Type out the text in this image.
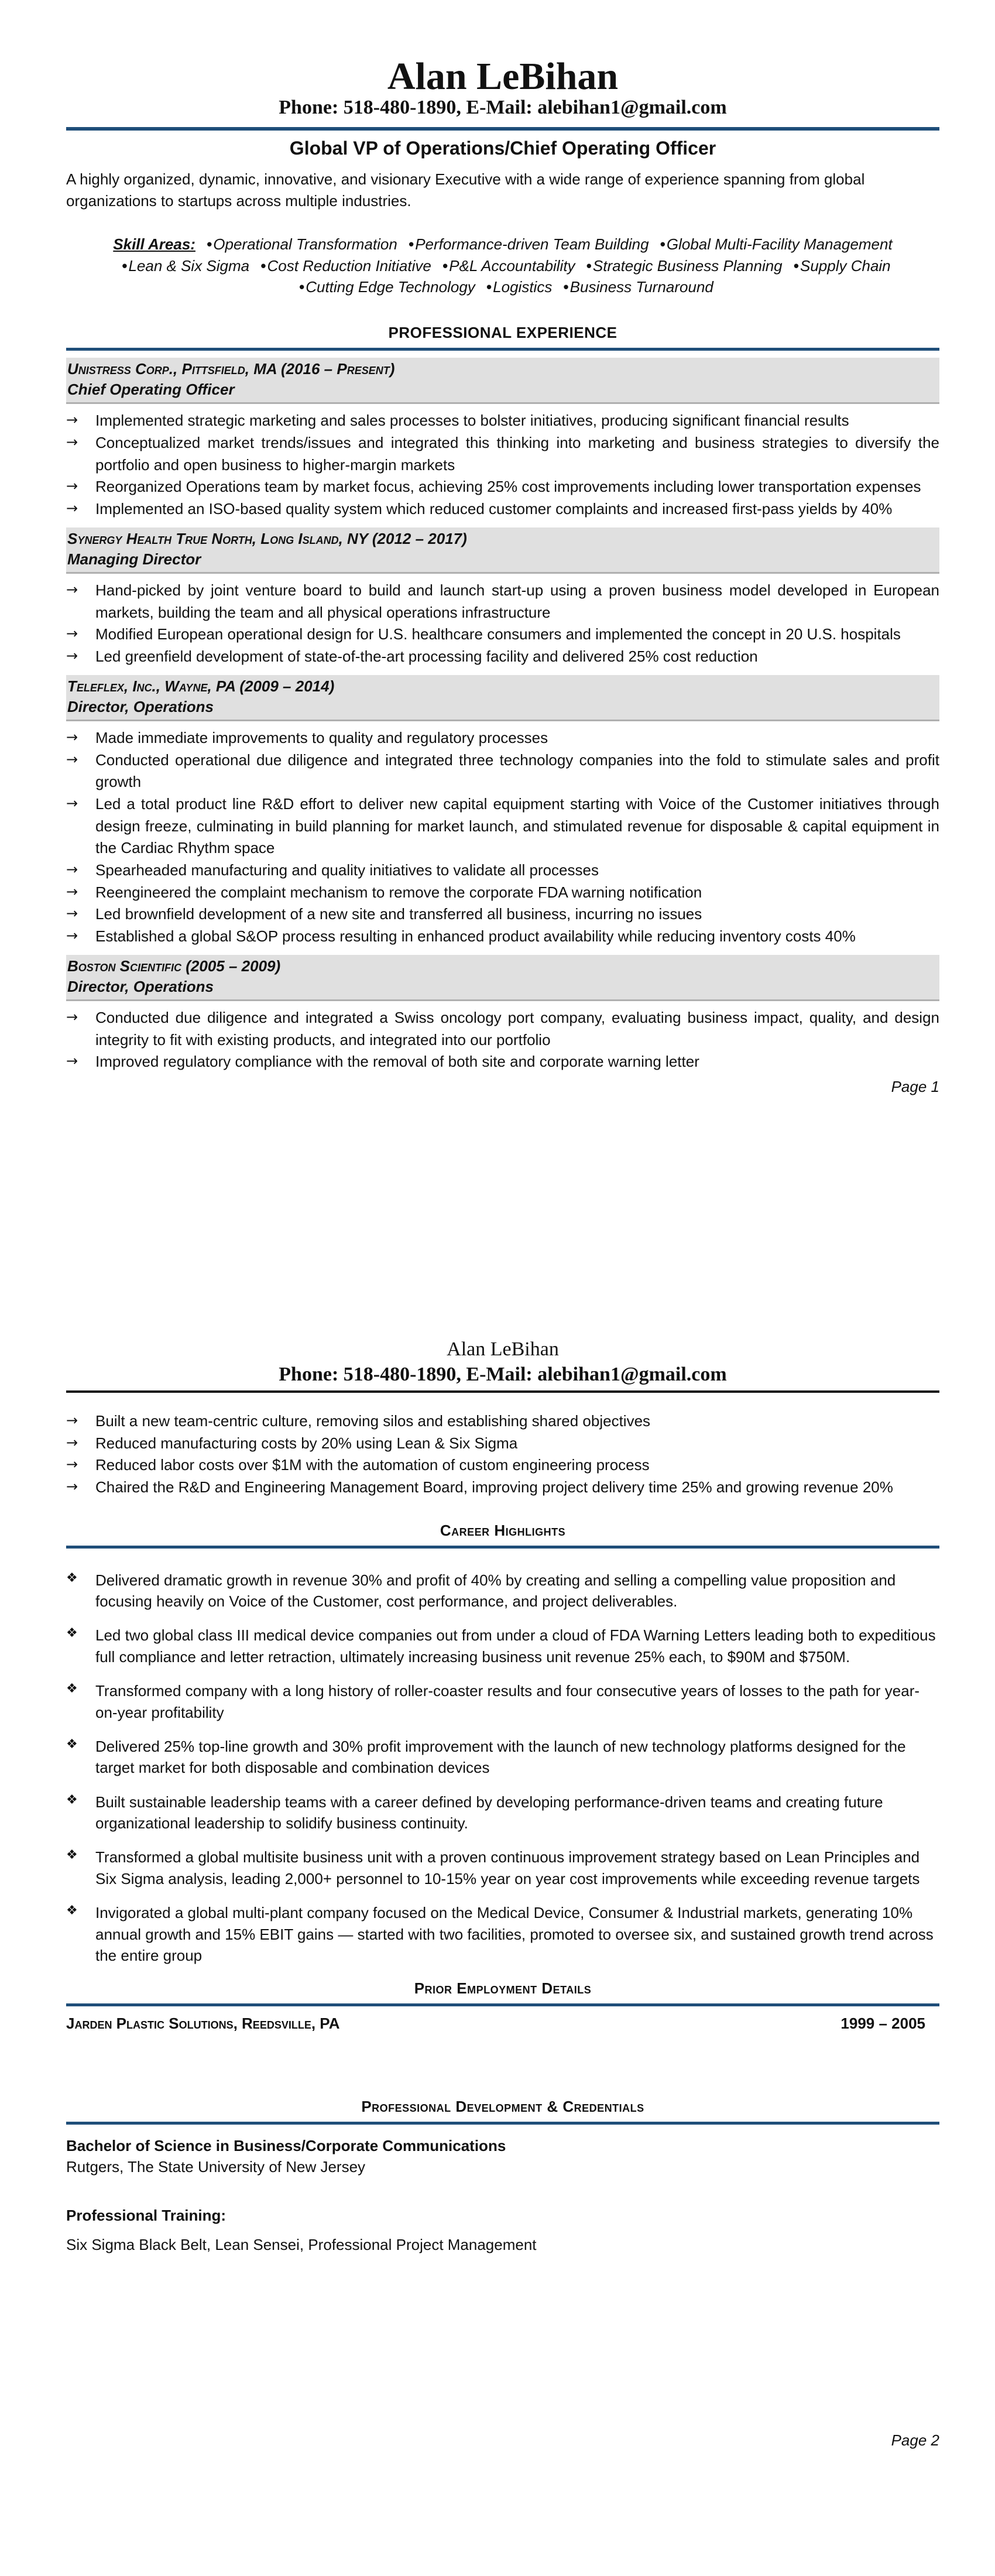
Alan LeBihan

Phone: 518-480-1890, E-Mail: alebihan1@gmail.com

Global VP of Operations/Chief Operating Officer

A highly organized, dynamic, innovative, and visionary Executive with a wide range of experience spanning from global organizations to startups across multiple industries.

Skill Areas: • Operational Transformation • Performance-driven Team Building • Global Multi-Facility Management
• Lean & Six Sigma • Cost Reduction Initiative • P&L Accountability • Strategic Business Planning • Supply Chain
• Cutting Edge Technology • Logistics • Business Turnaround

PROFESSIONAL EXPERIENCE

Unistress Corp., Pittsfield, MA (2016 – Present)
Chief Operating Officer
→ Implemented strategic marketing and sales processes to bolster initiatives, producing significant financial results
→ Conceptualized market trends/issues and integrated this thinking into marketing and business strategies to diversify the portfolio and open business to higher-margin markets
→ Reorganized Operations team by market focus, achieving 25% cost improvements including lower transportation expenses
→ Implemented an ISO-based quality system which reduced customer complaints and increased first-pass yields by 40%
Synergy Health True North, Long Island, NY (2012 – 2017)
Managing Director
→ Hand-picked by joint venture board to build and launch start-up using a proven business model developed in European markets, building the team and all physical operations infrastructure
→ Modified European operational design for U.S. healthcare consumers and implemented the concept in 20 U.S. hospitals
→ Led greenfield development of state-of-the-art processing facility and delivered 25% cost reduction
Teleflex, Inc., Wayne, PA (2009 – 2014)
Director, Operations
→ Made immediate improvements to quality and regulatory processes
→ Conducted operational due diligence and integrated three technology companies into the fold to stimulate sales and profit growth
→ Led a total product line R&D effort to deliver new capital equipment starting with Voice of the Customer initiatives through design freeze, culminating in build planning for market launch, and stimulated revenue for disposable & capital equipment in the Cardiac Rhythm space
→ Spearheaded manufacturing and quality initiatives to validate all processes
→ Reengineered the complaint mechanism to remove the corporate FDA warning notification
→ Led brownfield development of a new site and transferred all business, incurring no issues
→ Established a global S&OP process resulting in enhanced product availability while reducing inventory costs 40%
Boston Scientific (2005 – 2009)
Director, Operations
→ Conducted due diligence and integrated a Swiss oncology port company, evaluating business impact, quality, and design integrity to fit with existing products, and integrated into our portfolio
→ Improved regulatory compliance with the removal of both site and corporate warning letter
Page 1

Alan LeBihan

Phone: 518-480-1890, E-Mail: alebihan1@gmail.com

→ Built a new team-centric culture, removing silos and establishing shared objectives
→ Reduced manufacturing costs by 20% using Lean & Six Sigma
→ Reduced labor costs over $1M with the automation of custom engineering process
→ Chaired the R&D and Engineering Management Board, improving project delivery time 25% and growing revenue 20%

Career Highlights

❖ Delivered dramatic growth in revenue 30% and profit of 40% by creating and selling a compelling value proposition and focusing heavily on Voice of the Customer, cost performance, and project deliverables.
❖ Led two global class III medical device companies out from under a cloud of FDA Warning Letters leading both to expeditious full compliance and letter retraction, ultimately increasing business unit revenue 25% each, to $90M and $750M.
❖ Transformed company with a long history of roller-coaster results and four consecutive years of losses to the path for year-on-year profitability
❖ Delivered 25% top-line growth and 30% profit improvement with the launch of new technology platforms designed for the target market for both disposable and combination devices
❖ Built sustainable leadership teams with a career defined by developing performance-driven teams and creating future organizational leadership to solidify business continuity.
❖ Transformed a global multisite business unit with a proven continuous improvement strategy based on Lean Principles and Six Sigma analysis, leading 2,000+ personnel to 10-15% year on year cost improvements while exceeding revenue targets
❖ Invigorated a global multi-plant company focused on the Medical Device, Consumer & Industrial markets, generating 10% annual growth and 15% EBIT gains — started with two facilities, promoted to oversee six, and sustained growth trend across the entire group

Prior Employment Details

Jarden Plastic Solutions, Reedsville, PA	1999 – 2005

Professional Development & Credentials

Bachelor of Science in Business/Corporate Communications
Rutgers, The State University of New Jersey
Professional Training:
Six Sigma Black Belt, Lean Sensei, Professional Project Management
Page 2
